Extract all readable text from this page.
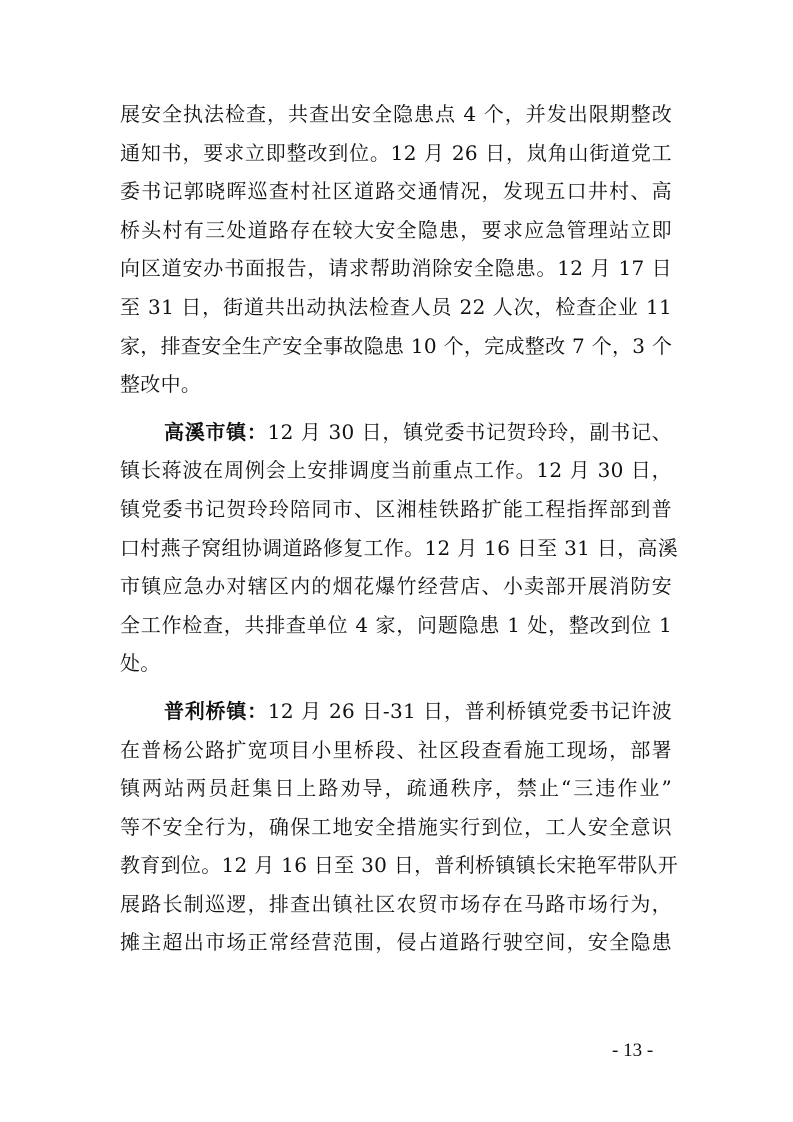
展安全执法检查，共查出安全隐患点 4 个，并发出限期整改
通知书，要求立即整改到位。12 月 26 日，岚角山街道党工
委书记郭晓晖巡查村社区道路交通情况，发现五口井村、高
桥头村有三处道路存在较大安全隐患，要求应急管理站立即
向区道安办书面报告，请求帮助消除安全隐患。12 月 17 日
至 31 日，街道共出动执法检查人员 22 人次，检查企业 11
家，排查安全生产安全事故隐患 10 个，完成整改 7 个，3 个
整改中。
高溪市镇：12 月 30 日，镇党委书记贺玲玲，副书记、
镇长蒋波在周例会上安排调度当前重点工作。12 月 30 日，
镇党委书记贺玲玲陪同市、区湘桂铁路扩能工程指挥部到普
口村燕子窝组协调道路修复工作。12 月 16 日至 31 日，高溪
市镇应急办对辖区内的烟花爆竹经营店、小卖部开展消防安
全工作检查，共排查单位 4 家，问题隐患 1 处，整改到位 1
处。
普利桥镇：12 月 26 日-31 日，普利桥镇党委书记许波
在普杨公路扩宽项目小里桥段、社区段查看施工现场，部署
镇两站两员赶集日上路劝导，疏通秩序，禁止“三违作业”
等不安全行为，确保工地安全措施实行到位，工人安全意识
教育到位。12 月 16 日至 30 日，普利桥镇镇长宋艳军带队开
展路长制巡逻，排查出镇社区农贸市场存在马路市场行为，
摊主超出市场正常经营范围，侵占道路行驶空间，安全隐患
- 13 -
